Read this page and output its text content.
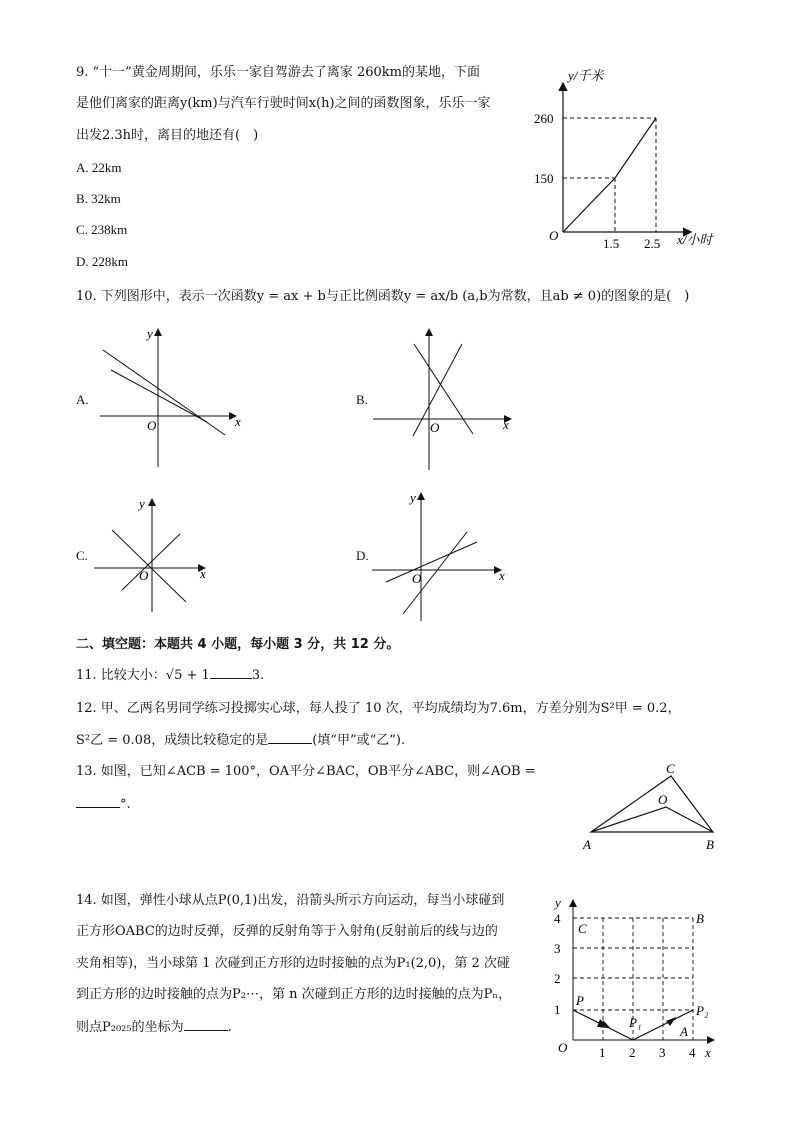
9. “十一”黄金周期间，乐乐一家自驾游去了离家 260km的某地，下面
是他们离家的距离y(km)与汽车行驶时间x(h)之间的函数图象，乐乐一家
出发2.3h时，离目的地还有(　)
A. 22km
B. 32km
C. 238km
D. 228km
y/千米
260
150
O
1.5 2.5 x/小时
10. 下列图形中，表示一次函数y = ax + b与正比例函数y = ax/b (a,b为常数，且ab ≠ 0)的图象的是(　)
A.
y
x
O
B.
x
O
C.
y
x
O
D.
y
x
O
二、填空题：本题共 4 小题，每小题 3 分，共 12 分。
11. 比较大小：√5 + 1	3.
12. 甲、乙两名男同学练习投掷实心球，每人投了 10 次，平均成绩均为7.6m，方差分别为S²甲 = 0.2，
S²乙 = 0.08，成绩比较稳定的是	(填“甲”或“乙”).
13. 如图，已知∠ACB = 100°，OA平分∠BAC，OB平分∠ABC，则∠AOB =
°.
C
O
A	B
14. 如图，弹性小球从点P(0,1)出发，沿箭头所示方向运动，每当小球碰到
正方形OABC的边时反弹，反弹的反射角等于入射角(反射前后的线与边的
夹角相等)，当小球第 1 次碰到正方形的边时接触的点为P₁(2,0)，第 2 次碰
到正方形的边时接触的点为P₂⋯，第 n 次碰到正方形的边时接触的点为Pₙ，
则点P₂₀₂₅的坐标为	.
y
4
3
2
1
O 1 2 3 4 x
C
B
P
P₁
P₂
A
